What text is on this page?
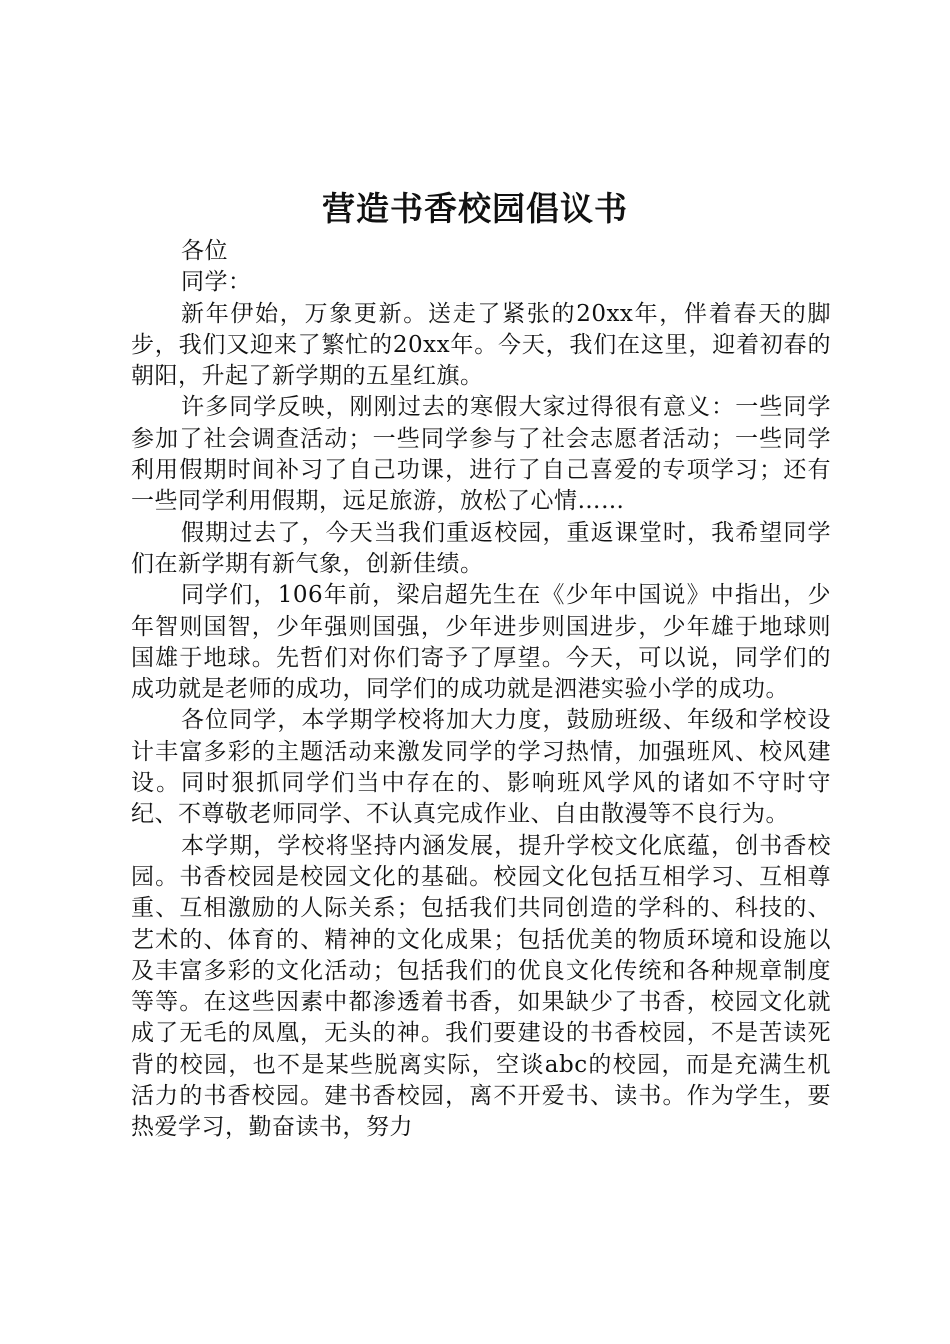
营造书香校园倡议书

各位

同学：

新年伊始，万象更新。送走了紧张的20xx年，伴着春天的脚步，我们又迎来了繁忙的20xx年。今天，我们在这里，迎着初春的朝阳，升起了新学期的五星红旗。

许多同学反映，刚刚过去的寒假大家过得很有意义：一些同学参加了社会调查活动；一些同学参与了社会志愿者活动；一些同学利用假期时间补习了自己功课，进行了自己喜爱的专项学习；还有一些同学利用假期，远足旅游，放松了心情……

假期过去了，今天当我们重返校园，重返课堂时，我希望同学们在新学期有新气象，创新佳绩。

同学们，106年前，梁启超先生在《少年中国说》中指出，少年智则国智，少年强则国强，少年进步则国进步，少年雄于地球则国雄于地球。先哲们对你们寄予了厚望。今天，可以说，同学们的成功就是老师的成功，同学们的成功就是泗港实验小学的成功。

各位同学，本学期学校将加大力度，鼓励班级、年级和学校设计丰富多彩的主题活动来激发同学的学习热情，加强班风、校风建设。同时狠抓同学们当中存在的、影响班风学风的诸如不守时守纪、不尊敬老师同学、不认真完成作业、自由散漫等不良行为。

本学期，学校将坚持内涵发展，提升学校文化底蕴，创书香校园。书香校园是校园文化的基础。校园文化包括互相学习、互相尊重、互相激励的人际关系；包括我们共同创造的学科的、科技的、艺术的、体育的、精神的文化成果；包括优美的物质环境和设施以及丰富多彩的文化活动；包括我们的优良文化传统和各种规章制度等等。在这些因素中都渗透着书香，如果缺少了书香，校园文化就成了无毛的凤凰，无头的神。我们要建设的书香校园，不是苦读死背的校园，也不是某些脱离实际，空谈abc的校园，而是充满生机活力的书香校园。建书香校园，离不开爱书、读书。作为学生，要热爱学习，勤奋读书，努力
